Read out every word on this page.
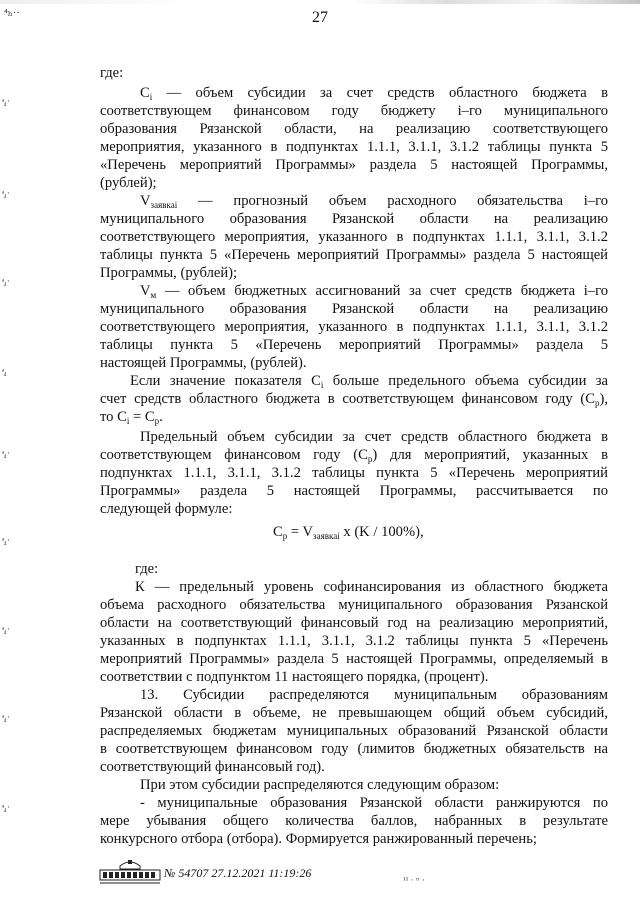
⁴ₕ··	27
ᵃ₄ ·
ᵃ₄ ·
ᵃ₄ ·
ᵃ₄
ᵃ₄ ·
ᵃ₄ ·
ᵃ₄ ·
ᵃ₄ ·
ᵃ₄ ·
где:
$C_i$ — объем субсидии за счет средств областного бюджета в
соответствующем финансовом году бюджету i–го муниципального
образования Рязанской области, на реализацию соответствующего
мероприятия, указанного в подпунктах 1.1.1, 3.1.1, 3.1.2 таблицы пункта 5
«Перечень мероприятий Программы» раздела 5 настоящей Программы,
(рублей);
$V_{заявкаi}$ — прогнозный объем расходного обязательства i–го
муниципального образования Рязанской области на реализацию
соответствующего мероприятия, указанного в подпунктах 1.1.1, 3.1.1, 3.1.2
таблицы пункта 5 «Перечень мероприятий Программы» раздела 5 настоящей
Программы, (рублей);
$V_м$ — объем бюджетных ассигнований за счет средств бюджета i–го
муниципального образования Рязанской области на реализацию
соответствующего мероприятия, указанного в подпунктах 1.1.1, 3.1.1, 3.1.2
таблицы пункта 5 «Перечень мероприятий Программы» раздела 5
настоящей Программы, (рублей).
Если значение показателя $C_i$ больше предельного объема субсидии за
счет средств областного бюджета в соответствующем финансовом году $(C_p)$,
то $C_i = C_p$.
Предельный объем субсидии за счет средств областного бюджета в
соответствующем финансовом году $(C_p)$ для мероприятий, указанных в
подпунктах 1.1.1, 3.1.1, 3.1.2 таблицы пункта 5 «Перечень мероприятий
Программы» раздела 5 настоящей Программы, рассчитывается по
следующей формуле:
$C_p = V_{заявкаi}$ x (K / 100%),
где:
К — предельный уровень софинансирования из областного бюджета
объема расходного обязательства муниципального образования Рязанской
области на соответствующий финансовый год на реализацию мероприятий,
указанных в подпунктах 1.1.1, 3.1.1, 3.1.2 таблицы пункта 5 «Перечень
мероприятий Программы» раздела 5 настоящей Программы, определяемый в
соответствии с подпунктом 11 настоящего порядка, (процент).
13. Субсидии распределяются муниципальным образованиям
Рязанской области в объеме, не превышающем общий объем субсидий,
распределяемых бюджетам муниципальных образований Рязанской области
в соответствующем финансовом году (лимитов бюджетных обязательств на
соответствующий финансовый год).
При этом субсидии распределяются следующим образом:
- муниципальные образования Рязанской области ранжируются по
мере убывания общего количества баллов, набранных в результате
конкурсного отбора (отбора). Формируется ранжированный перечень;
№ 54707 27.12.2021 11:19:26	¹¹ · ʳʳ ·
